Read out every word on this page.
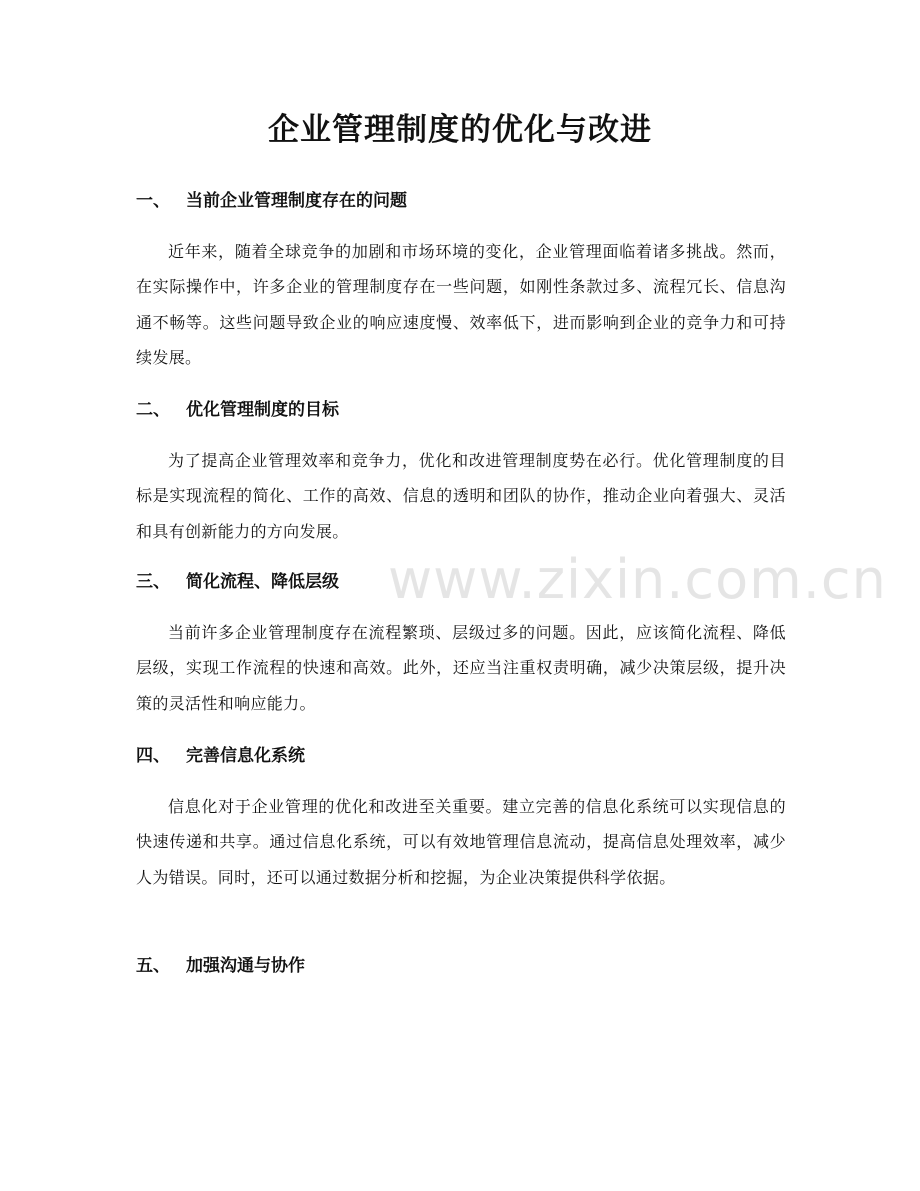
www.zixin.com.cn
企业管理制度的优化与改进
一、 当前企业管理制度存在的问题
近年来，随着全球竞争的加剧和市场环境的变化，企业管理面临着诸多挑战。然而，在实际操作中，许多企业的管理制度存在一些问题，如刚性条款过多、流程冗长、信息沟通不畅等。这些问题导致企业的响应速度慢、效率低下，进而影响到企业的竞争力和可持续发展。
二、 优化管理制度的目标
为了提高企业管理效率和竞争力，优化和改进管理制度势在必行。优化管理制度的目标是实现流程的简化、工作的高效、信息的透明和团队的协作，推动企业向着强大、灵活和具有创新能力的方向发展。
三、 简化流程、降低层级
当前许多企业管理制度存在流程繁琐、层级过多的问题。因此，应该简化流程、降低层级，实现工作流程的快速和高效。此外，还应当注重权责明确，减少决策层级，提升决策的灵活性和响应能力。
四、 完善信息化系统
信息化对于企业管理的优化和改进至关重要。建立完善的信息化系统可以实现信息的快速传递和共享。通过信息化系统，可以有效地管理信息流动，提高信息处理效率，减少人为错误。同时，还可以通过数据分析和挖掘，为企业决策提供科学依据。
五、 加强沟通与协作
